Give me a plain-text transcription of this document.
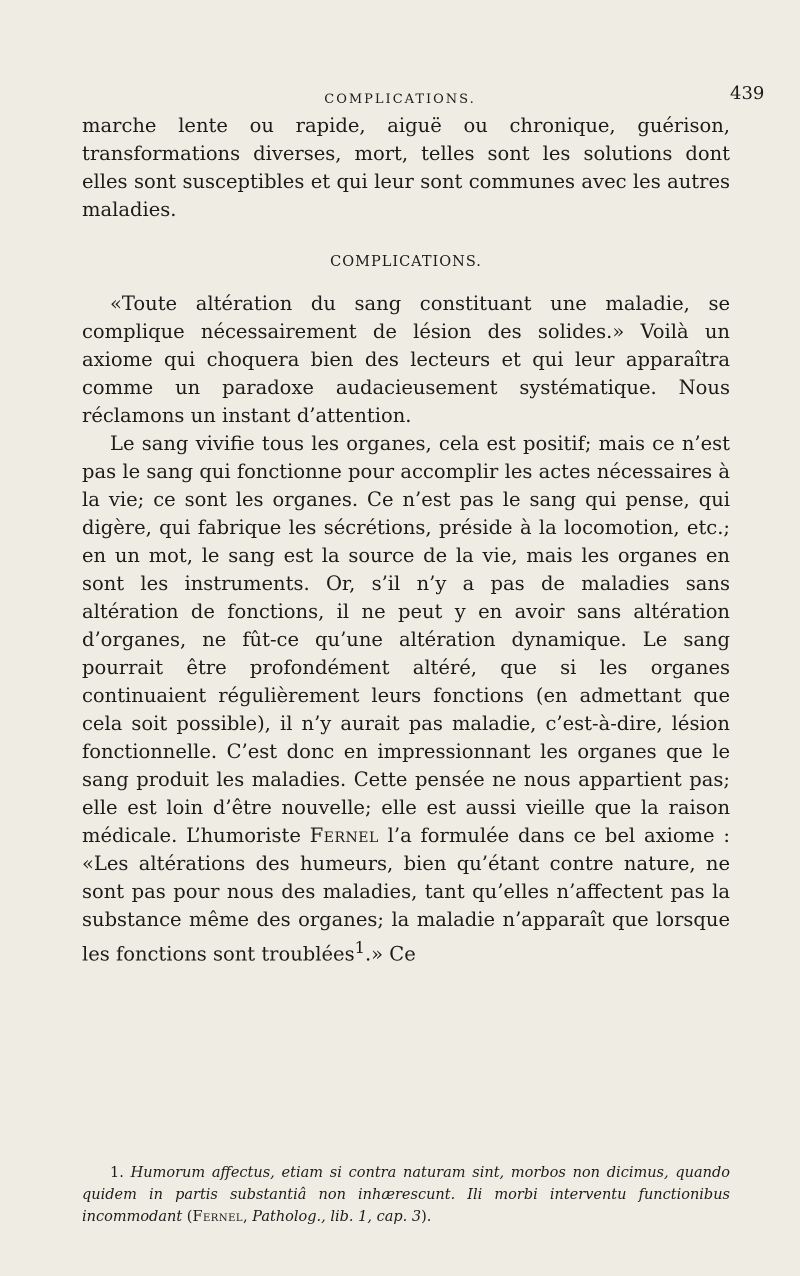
COMPLICATIONS.	439

marche lente ou rapide, aiguë ou chronique, guérison, transformations diverses, mort, telles sont les solutions dont elles sont susceptibles et qui leur sont communes avec les autres maladies.

COMPLICATIONS.

«Toute altération du sang constituant une maladie, se complique nécessairement de lésion des solides.» Voilà un axiome qui choquera bien des lecteurs et qui leur apparaîtra comme un paradoxe audacieusement systématique. Nous réclamons un instant d’attention.

Le sang vivifie tous les organes, cela est positif; mais ce n’est pas le sang qui fonctionne pour accomplir les actes nécessaires à la vie; ce sont les organes. Ce n’est pas le sang qui pense, qui digère, qui fabrique les sécrétions, préside à la locomotion, etc.; en un mot, le sang est la source de la vie, mais les organes en sont les instruments. Or, s’il n’y a pas de maladies sans altération de fonctions, il ne peut y en avoir sans altération d’organes, ne fût-ce qu’une altération dynamique. Le sang pourrait être profondément altéré, que si les organes continuaient régulièrement leurs fonctions (en admettant que cela soit possible), il n’y aurait pas maladie, c’est-à-dire, lésion fonctionnelle. C’est donc en impressionnant les organes que le sang produit les maladies. Cette pensée ne nous appartient pas; elle est loin d’être nouvelle; elle est aussi vieille que la raison médicale. L’humoriste Fernel l’a formulée dans ce bel axiome : «Les altérations des humeurs, bien qu’étant contre nature, ne sont pas pour nous des maladies, tant qu’elles n’affectent pas la substance même des organes; la maladie n’apparaît que lorsque les fonctions sont troublées$^1$.» Ce

1. Humorum affectus, etiam si contra naturam sint, morbos non dicimus, quando quidem in partis substantiâ non inhærescunt. Ili morbi interventu functionibus incommodant (Fernel, Patholog., lib. 1, cap. 3).
